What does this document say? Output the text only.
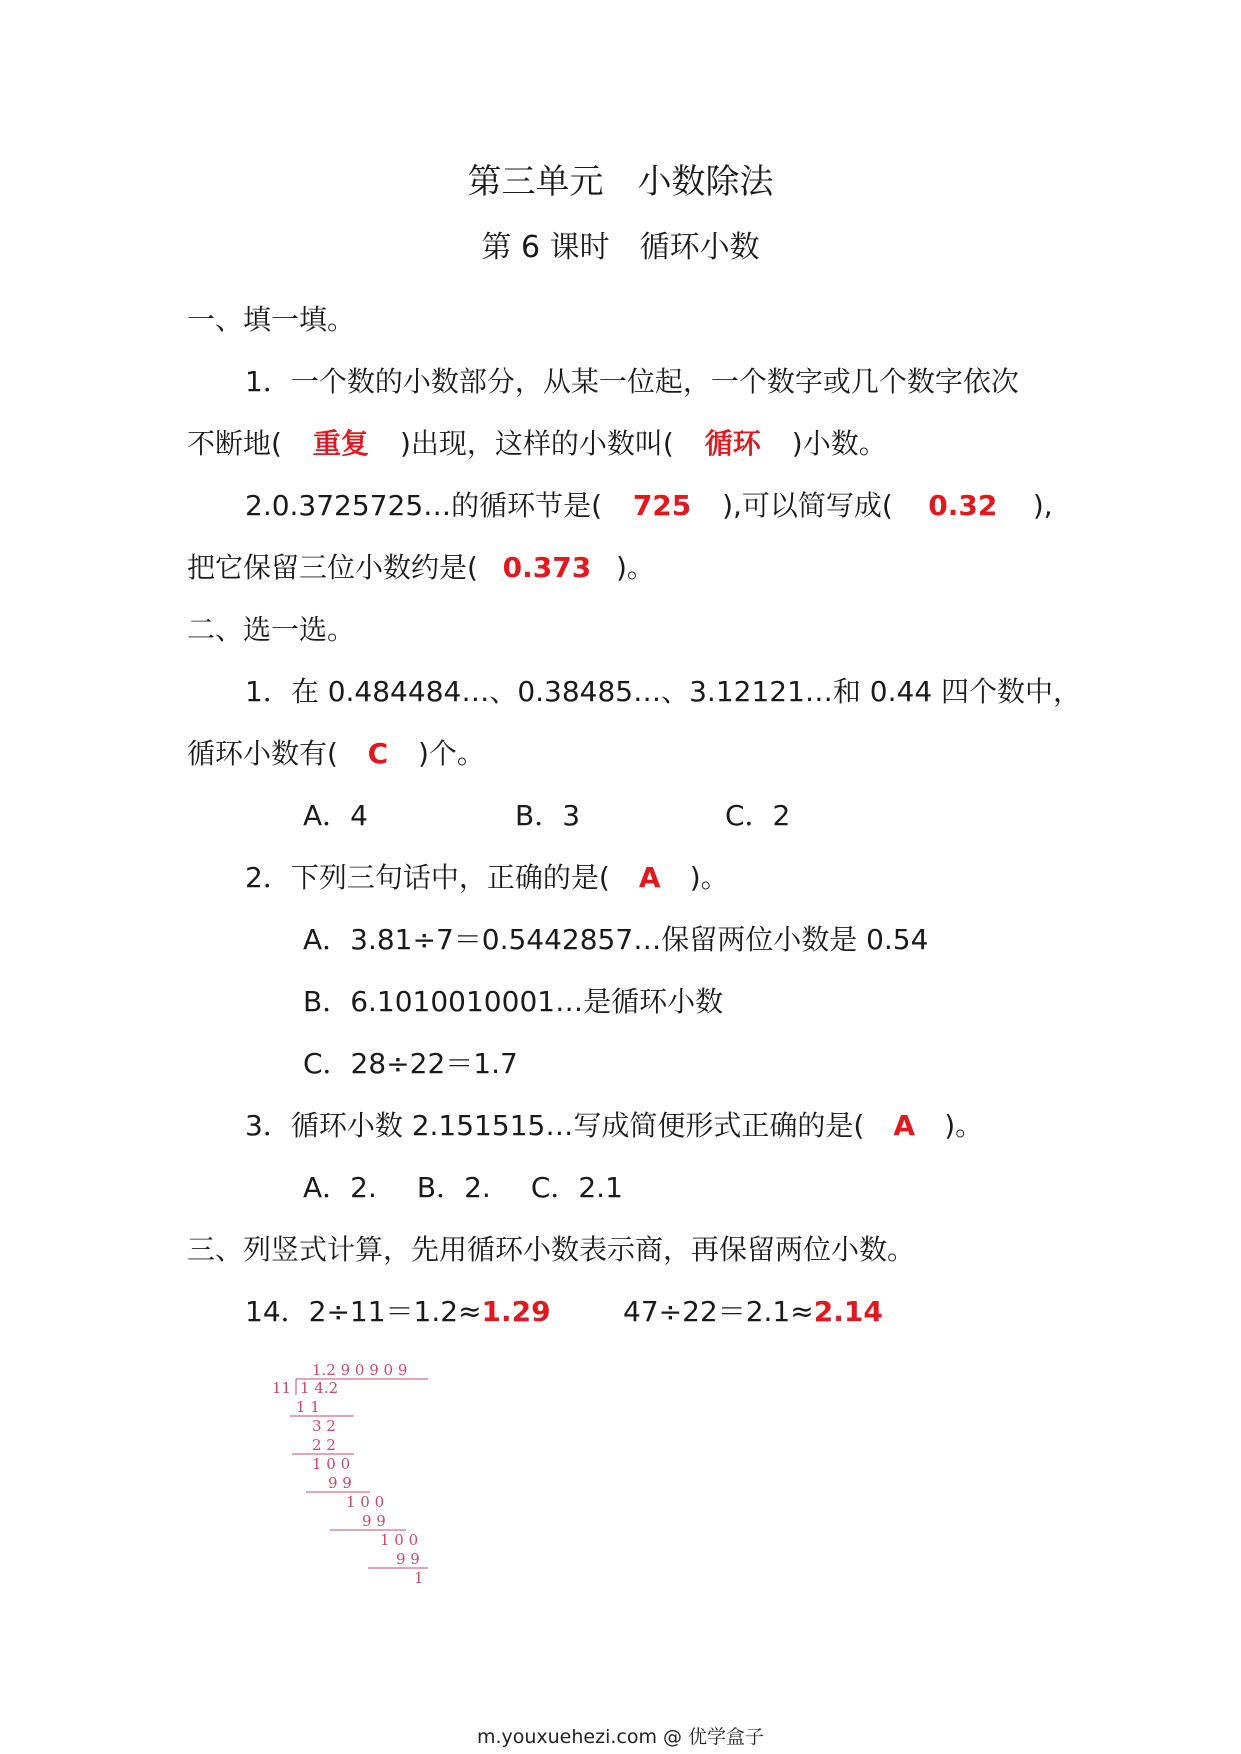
第三单元　小数除法
第 6 课时　循环小数
一、填一填。
1．一个数的小数部分，从某一位起，一个数字或几个数字依次
不断地( 重复 )出现，这样的小数叫( 循环 )小数。
2.0.3725725…的循环节是( 725 ),可以简写成( 0.32 ),
把它保留三位小数约是( 0.373 )。
二、选一选。
1．在 0.484484…、0.38485…、3.12121…和 0.44 四个数中，
循环小数有( C )个。
A．4	B．3	C．2
2．下列三句话中，正确的是( A )。
A．3.81÷7＝0.5442857…保留两位小数是 0.54
B．6.1010010001…是循环小数
C．28÷22＝1.7
3．循环小数 2.151515…写成简便形式正确的是( A )。
A．2. B．2. C．2.1
三、列竖式计算，先用循环小数表示商，再保留两位小数。
14．2÷11＝1.2≈1.29	47÷22＝2.1≈2.14
1.2 9 0 9 0 9
11 1 4.2
1 1
3 2
2 2
1 0 0
9 9
1 0 0
9 9
1 0 0
9 9
1
m.youxuehezi.com @ 优学盒子
